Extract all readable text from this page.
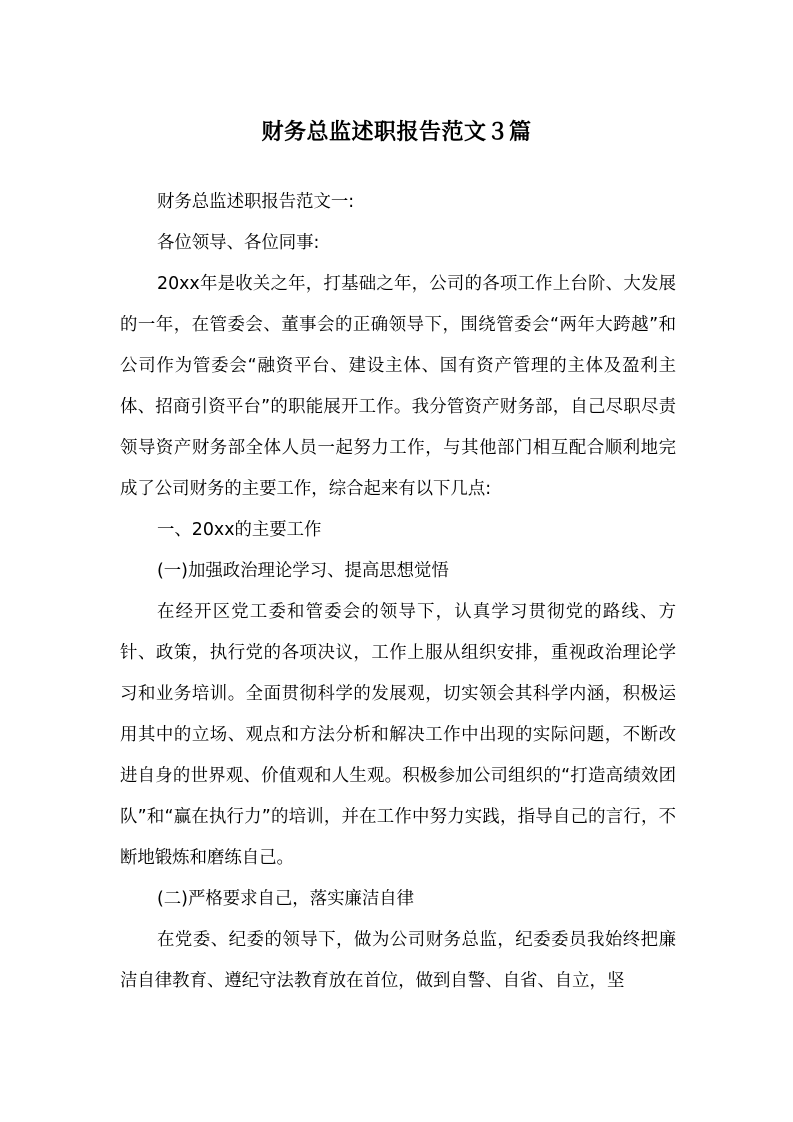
财务总监述职报告范文３篇

财务总监述职报告范文一:

各位领导、各位同事:

20xx年是收关之年，打基础之年，公司的各项工作上台阶、大发展的一年，在管委会、董事会的正确领导下，围绕管委会“两年大跨越”和公司作为管委会“融资平台、建设主体、国有资产管理的主体及盈利主体、招商引资平台”的职能展开工作。我分管资产财务部，自己尽职尽责领导资产财务部全体人员一起努力工作，与其他部门相互配合顺利地完成了公司财务的主要工作，综合起来有以下几点:

一、20xx的主要工作

(一)加强政治理论学习、提高思想觉悟

在经开区党工委和管委会的领导下，认真学习贯彻党的路线、方针、政策，执行党的各项决议，工作上服从组织安排，重视政治理论学习和业务培训。全面贯彻科学的发展观，切实领会其科学内涵，积极运用其中的立场、观点和方法分析和解决工作中出现的实际问题，不断改进自身的世界观、价值观和人生观。积极参加公司组织的“打造高绩效团队”和“赢在执行力”的培训，并在工作中努力实践，指导自己的言行，不断地锻炼和磨练自己。

(二)严格要求自己，落实廉洁自律

在党委、纪委的领导下，做为公司财务总监，纪委委员我始终把廉洁自律教育、遵纪守法教育放在首位，做到自警、自省、自立，坚
